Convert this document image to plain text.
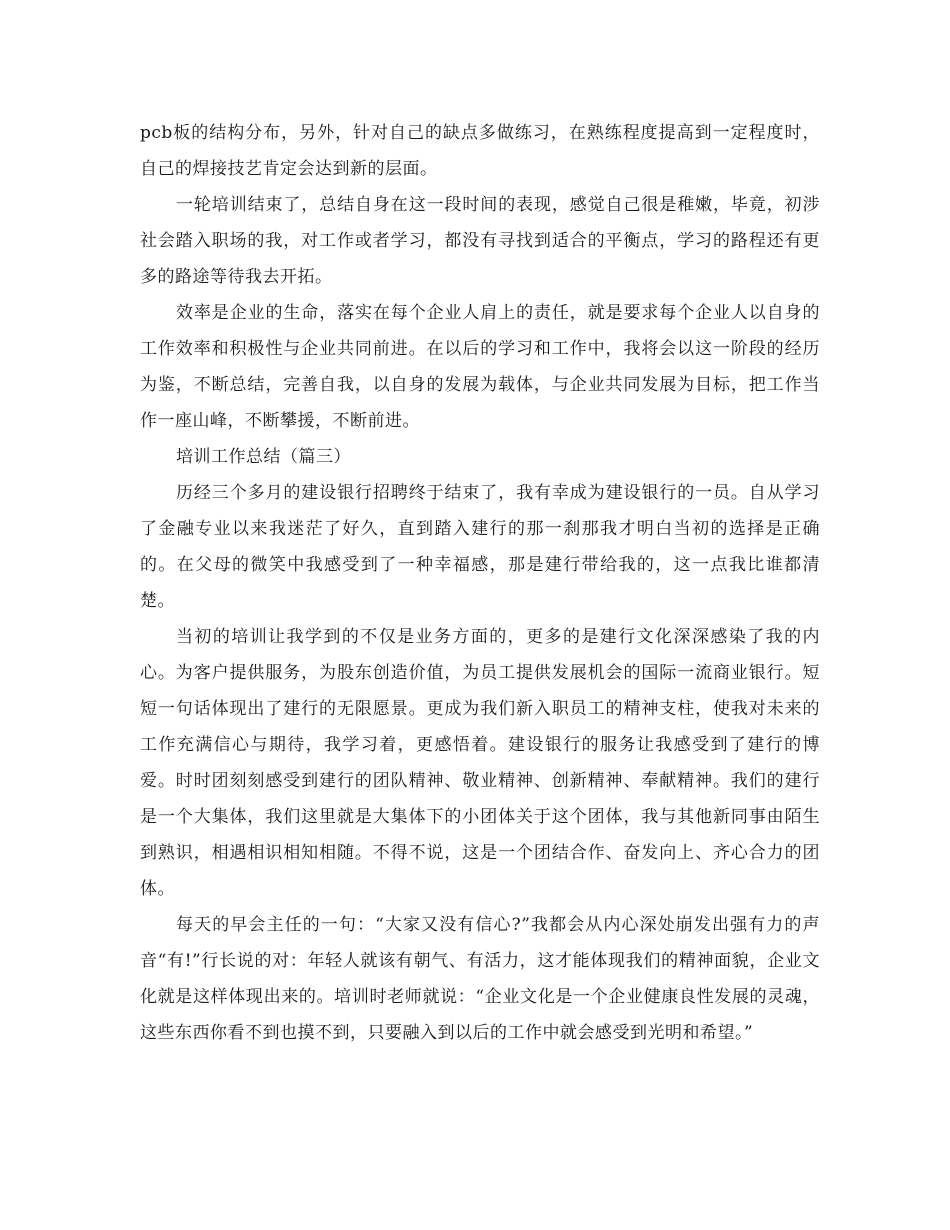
pcb板的结构分布，另外，针对自己的缺点多做练习，在熟练程度提高到一定程度时，自己的焊接技艺肯定会达到新的层面。

一轮培训结束了，总结自身在这一段时间的表现，感觉自己很是稚嫩，毕竟，初涉社会踏入职场的我，对工作或者学习，都没有寻找到适合的平衡点，学习的路程还有更多的路途等待我去开拓。

效率是企业的生命，落实在每个企业人肩上的责任，就是要求每个企业人以自身的工作效率和积极性与企业共同前进。在以后的学习和工作中，我将会以这一阶段的经历为鉴，不断总结，完善自我，以自身的发展为载体，与企业共同发展为目标，把工作当作一座山峰，不断攀援，不断前进。

培训工作总结（篇三）

历经三个多月的建设银行招聘终于结束了，我有幸成为建设银行的一员。自从学习了金融专业以来我迷茫了好久，直到踏入建行的那一刹那我才明白当初的选择是正确的。在父母的微笑中我感受到了一种幸福感，那是建行带给我的，这一点我比谁都清楚。

当初的培训让我学到的不仅是业务方面的，更多的是建行文化深深感染了我的内心。为客户提供服务，为股东创造价值，为员工提供发展机会的国际一流商业银行。短短一句话体现出了建行的无限愿景。更成为我们新入职员工的精神支柱，使我对未来的工作充满信心与期待，我学习着，更感悟着。建设银行的服务让我感受到了建行的博爱。时时团刻刻感受到建行的团队精神、敬业精神、创新精神、奉献精神。我们的建行是一个大集体，我们这里就是大集体下的小团体关于这个团体，我与其他新同事由陌生到熟识，相遇相识相知相随。不得不说，这是一个团结合作、奋发向上、齐心合力的团体。

每天的早会主任的一句：“大家又没有信心?”我都会从内心深处崩发出强有力的声音“有!”行长说的对：年轻人就该有朝气、有活力，这才能体现我们的精神面貌，企业文化就是这样体现出来的。培训时老师就说：“企业文化是一个企业健康良性发展的灵魂，这些东西你看不到也摸不到，只要融入到以后的工作中就会感受到光明和希望。”
